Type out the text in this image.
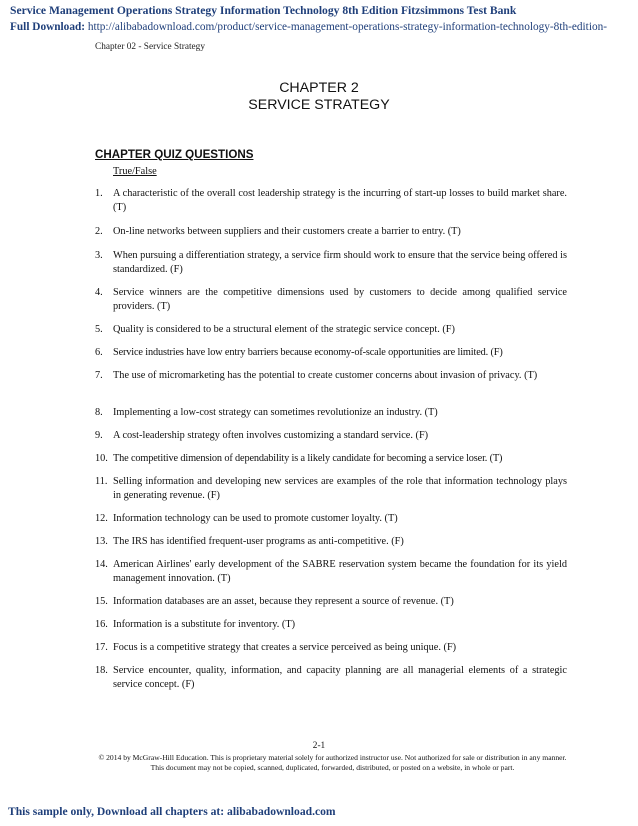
Service Management Operations Strategy Information Technology 8th Edition Fitzsimmons Test Bank
Full Download: http://alibabadownload.com/product/service-management-operations-strategy-information-technology-8th-edition-
Chapter 02 - Service Strategy
CHAPTER 2
SERVICE STRATEGY
CHAPTER QUIZ QUESTIONS
True/False
1. A characteristic of the overall cost leadership strategy is the incurring of start-up losses to build market share. (T)
2. On-line networks between suppliers and their customers create a barrier to entry. (T)
3. When pursuing a differentiation strategy, a service firm should work to ensure that the service being offered is standardized. (F)
4. Service winners are the competitive dimensions used by customers to decide among qualified service providers. (T)
5. Quality is considered to be a structural element of the strategic service concept. (F)
6. Service industries have low entry barriers because economy-of-scale opportunities are limited. (F)
7. The use of micromarketing has the potential to create customer concerns about invasion of privacy. (T)
8. Implementing a low-cost strategy can sometimes revolutionize an industry. (T)
9. A cost-leadership strategy often involves customizing a standard service. (F)
10. The competitive dimension of dependability is a likely candidate for becoming a service loser. (T)
11. Selling information and developing new services are examples of the role that information technology plays in generating revenue. (F)
12. Information technology can be used to promote customer loyalty. (T)
13. The IRS has identified frequent-user programs as anti-competitive. (F)
14. American Airlines' early development of the SABRE reservation system became the foundation for its yield management innovation. (T)
15. Information databases are an asset, because they represent a source of revenue. (T)
16. Information is a substitute for inventory. (T)
17. Focus is a competitive strategy that creates a service perceived as being unique. (F)
18. Service encounter, quality, information, and capacity planning are all managerial elements of a strategic service concept. (F)
2-1
© 2014 by McGraw-Hill Education. This is proprietary material solely for authorized instructor use. Not authorized for sale or distribution in any manner. This document may not be copied, scanned, duplicated, forwarded, distributed, or posted on a website, in whole or part.
This sample only, Download all chapters at: alibabadownload.com
